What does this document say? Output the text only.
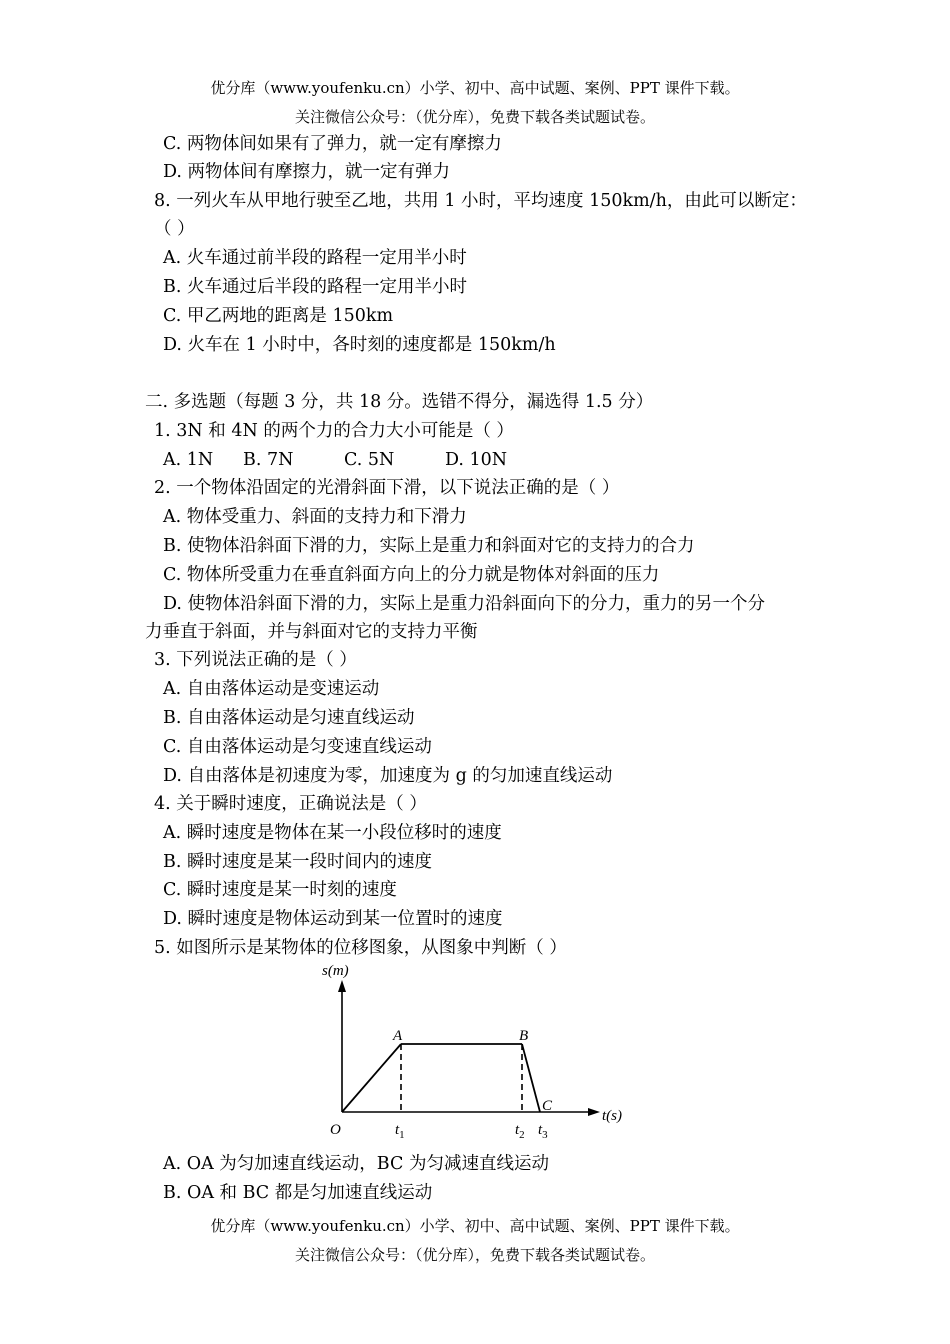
优分库（www.youfenku.cn）小学、初中、高中试题、案例、PPT 课件下载。
关注微信公众号：（优分库），免费下载各类试题试卷。
C. 两物体间如果有了弹力，就一定有摩擦力
D. 两物体间有摩擦力，就一定有弹力
8. 一列火车从甲地行驶至乙地，共用 1 小时，平均速度 150km/h，由此可以断定：
（ ）
A. 火车通过前半段的路程一定用半小时
B. 火车通过后半段的路程一定用半小时
C. 甲乙两地的距离是 150km
D. 火车在 1 小时中，各时刻的速度都是 150km/h
二. 多选题（每题 3 分，共 18 分。选错不得分，漏选得 1.5 分）
1. 3N 和 4N 的两个力的合力大小可能是（ ）
A. 1N B. 7N	C. 5N	D. 10N
2. 一个物体沿固定的光滑斜面下滑，以下说法正确的是（ ）
A. 物体受重力、斜面的支持力和下滑力
B. 使物体沿斜面下滑的力，实际上是重力和斜面对它的支持力的合力
C. 物体所受重力在垂直斜面方向上的分力就是物体对斜面的压力
D. 使物体沿斜面下滑的力，实际上是重力沿斜面向下的分力，重力的另一个分
力垂直于斜面，并与斜面对它的支持力平衡
3. 下列说法正确的是（ ）
A. 自由落体运动是变速运动
B. 自由落体运动是匀速直线运动
C. 自由落体运动是匀变速直线运动
D. 自由落体是初速度为零，加速度为 g 的匀加速直线运动
4. 关于瞬时速度，正确说法是（ ）
A. 瞬时速度是物体在某一小段位移时的速度
B. 瞬时速度是某一段时间内的速度
C. 瞬时速度是某一时刻的速度
D. 瞬时速度是物体运动到某一位置时的速度
5. 如图所示是某物体的位移图象，从图象中判断（ ）
s(m)
t(s)
O
A	B
C
$t_1$	$t_2$ $t_3$
A. OA 为匀加速直线运动，BC 为匀减速直线运动
B. OA 和 BC 都是匀加速直线运动
优分库（www.youfenku.cn）小学、初中、高中试题、案例、PPT 课件下载。
关注微信公众号：（优分库），免费下载各类试题试卷。
